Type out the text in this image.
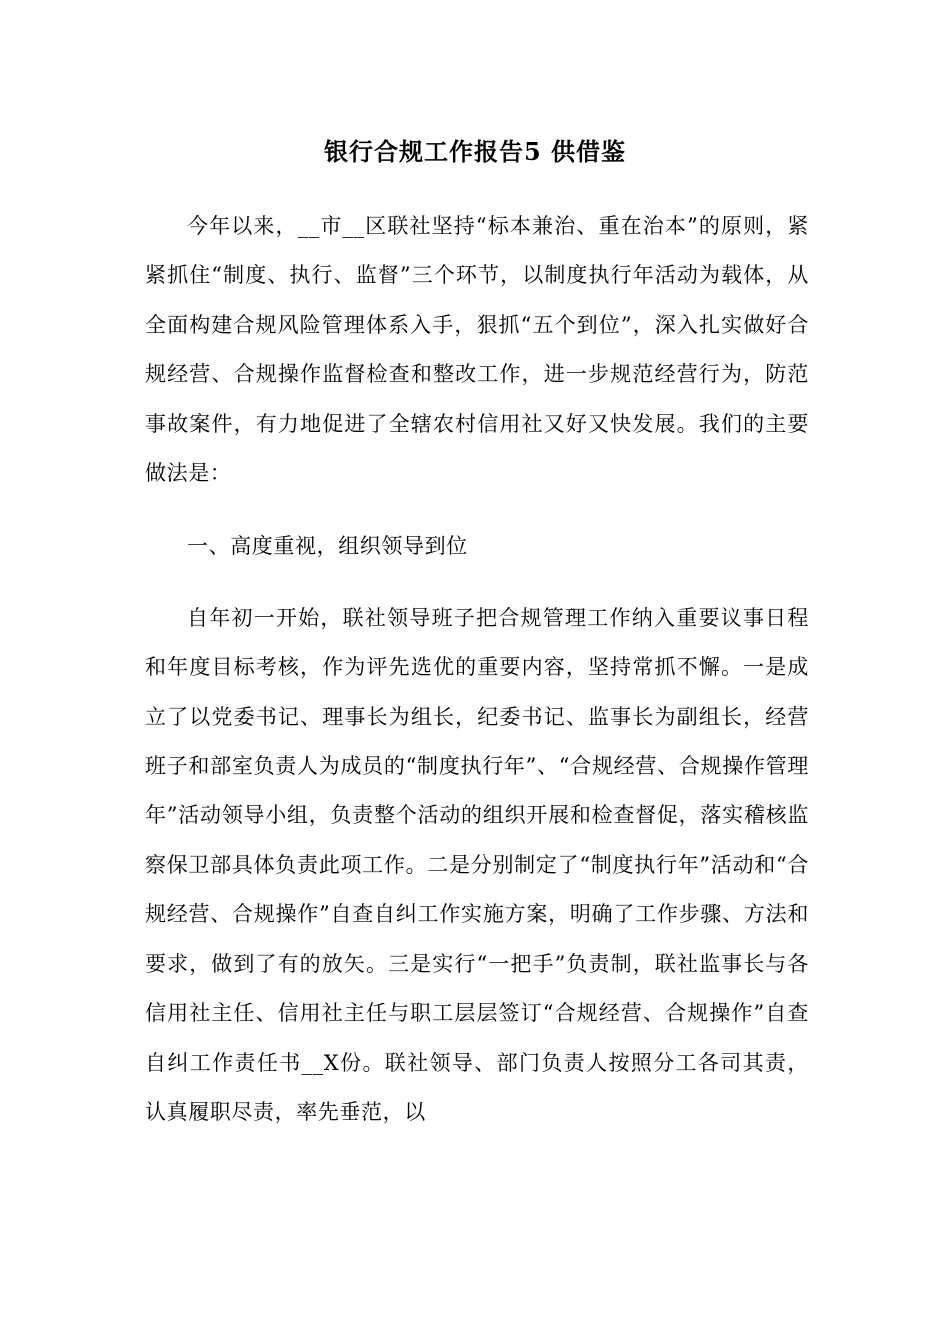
银行合规工作报告5 供借鉴

今年以来，__市__区联社坚持“标本兼治、重在治本”的原则，紧紧抓住“制度、执行、监督”三个环节，以制度执行年活动为载体，从全面构建合规风险管理体系入手，狠抓“五个到位”，深入扎实做好合规经营、合规操作监督检查和整改工作，进一步规范经营行为，防范事故案件，有力地促进了全辖农村信用社又好又快发展。我们的主要做法是：

一、高度重视，组织领导到位

自年初一开始，联社领导班子把合规管理工作纳入重要议事日程和年度目标考核，作为评先选优的重要内容，坚持常抓不懈。一是成立了以党委书记、理事长为组长，纪委书记、监事长为副组长，经营班子和部室负责人为成员的“制度执行年”、“合规经营、合规操作管理年”活动领导小组，负责整个活动的组织开展和检查督促，落实稽核监察保卫部具体负责此项工作。二是分别制定了“制度执行年”活动和“合规经营、合规操作”自查自纠工作实施方案，明确了工作步骤、方法和要求，做到了有的放矢。三是实行“一把手”负责制，联社监事长与各信用社主任、信用社主任与职工层层签订“合规经营、合规操作”自查自纠工作责任书__X份。联社领导、部门负责人按照分工各司其责，认真履职尽责，率先垂范，以
